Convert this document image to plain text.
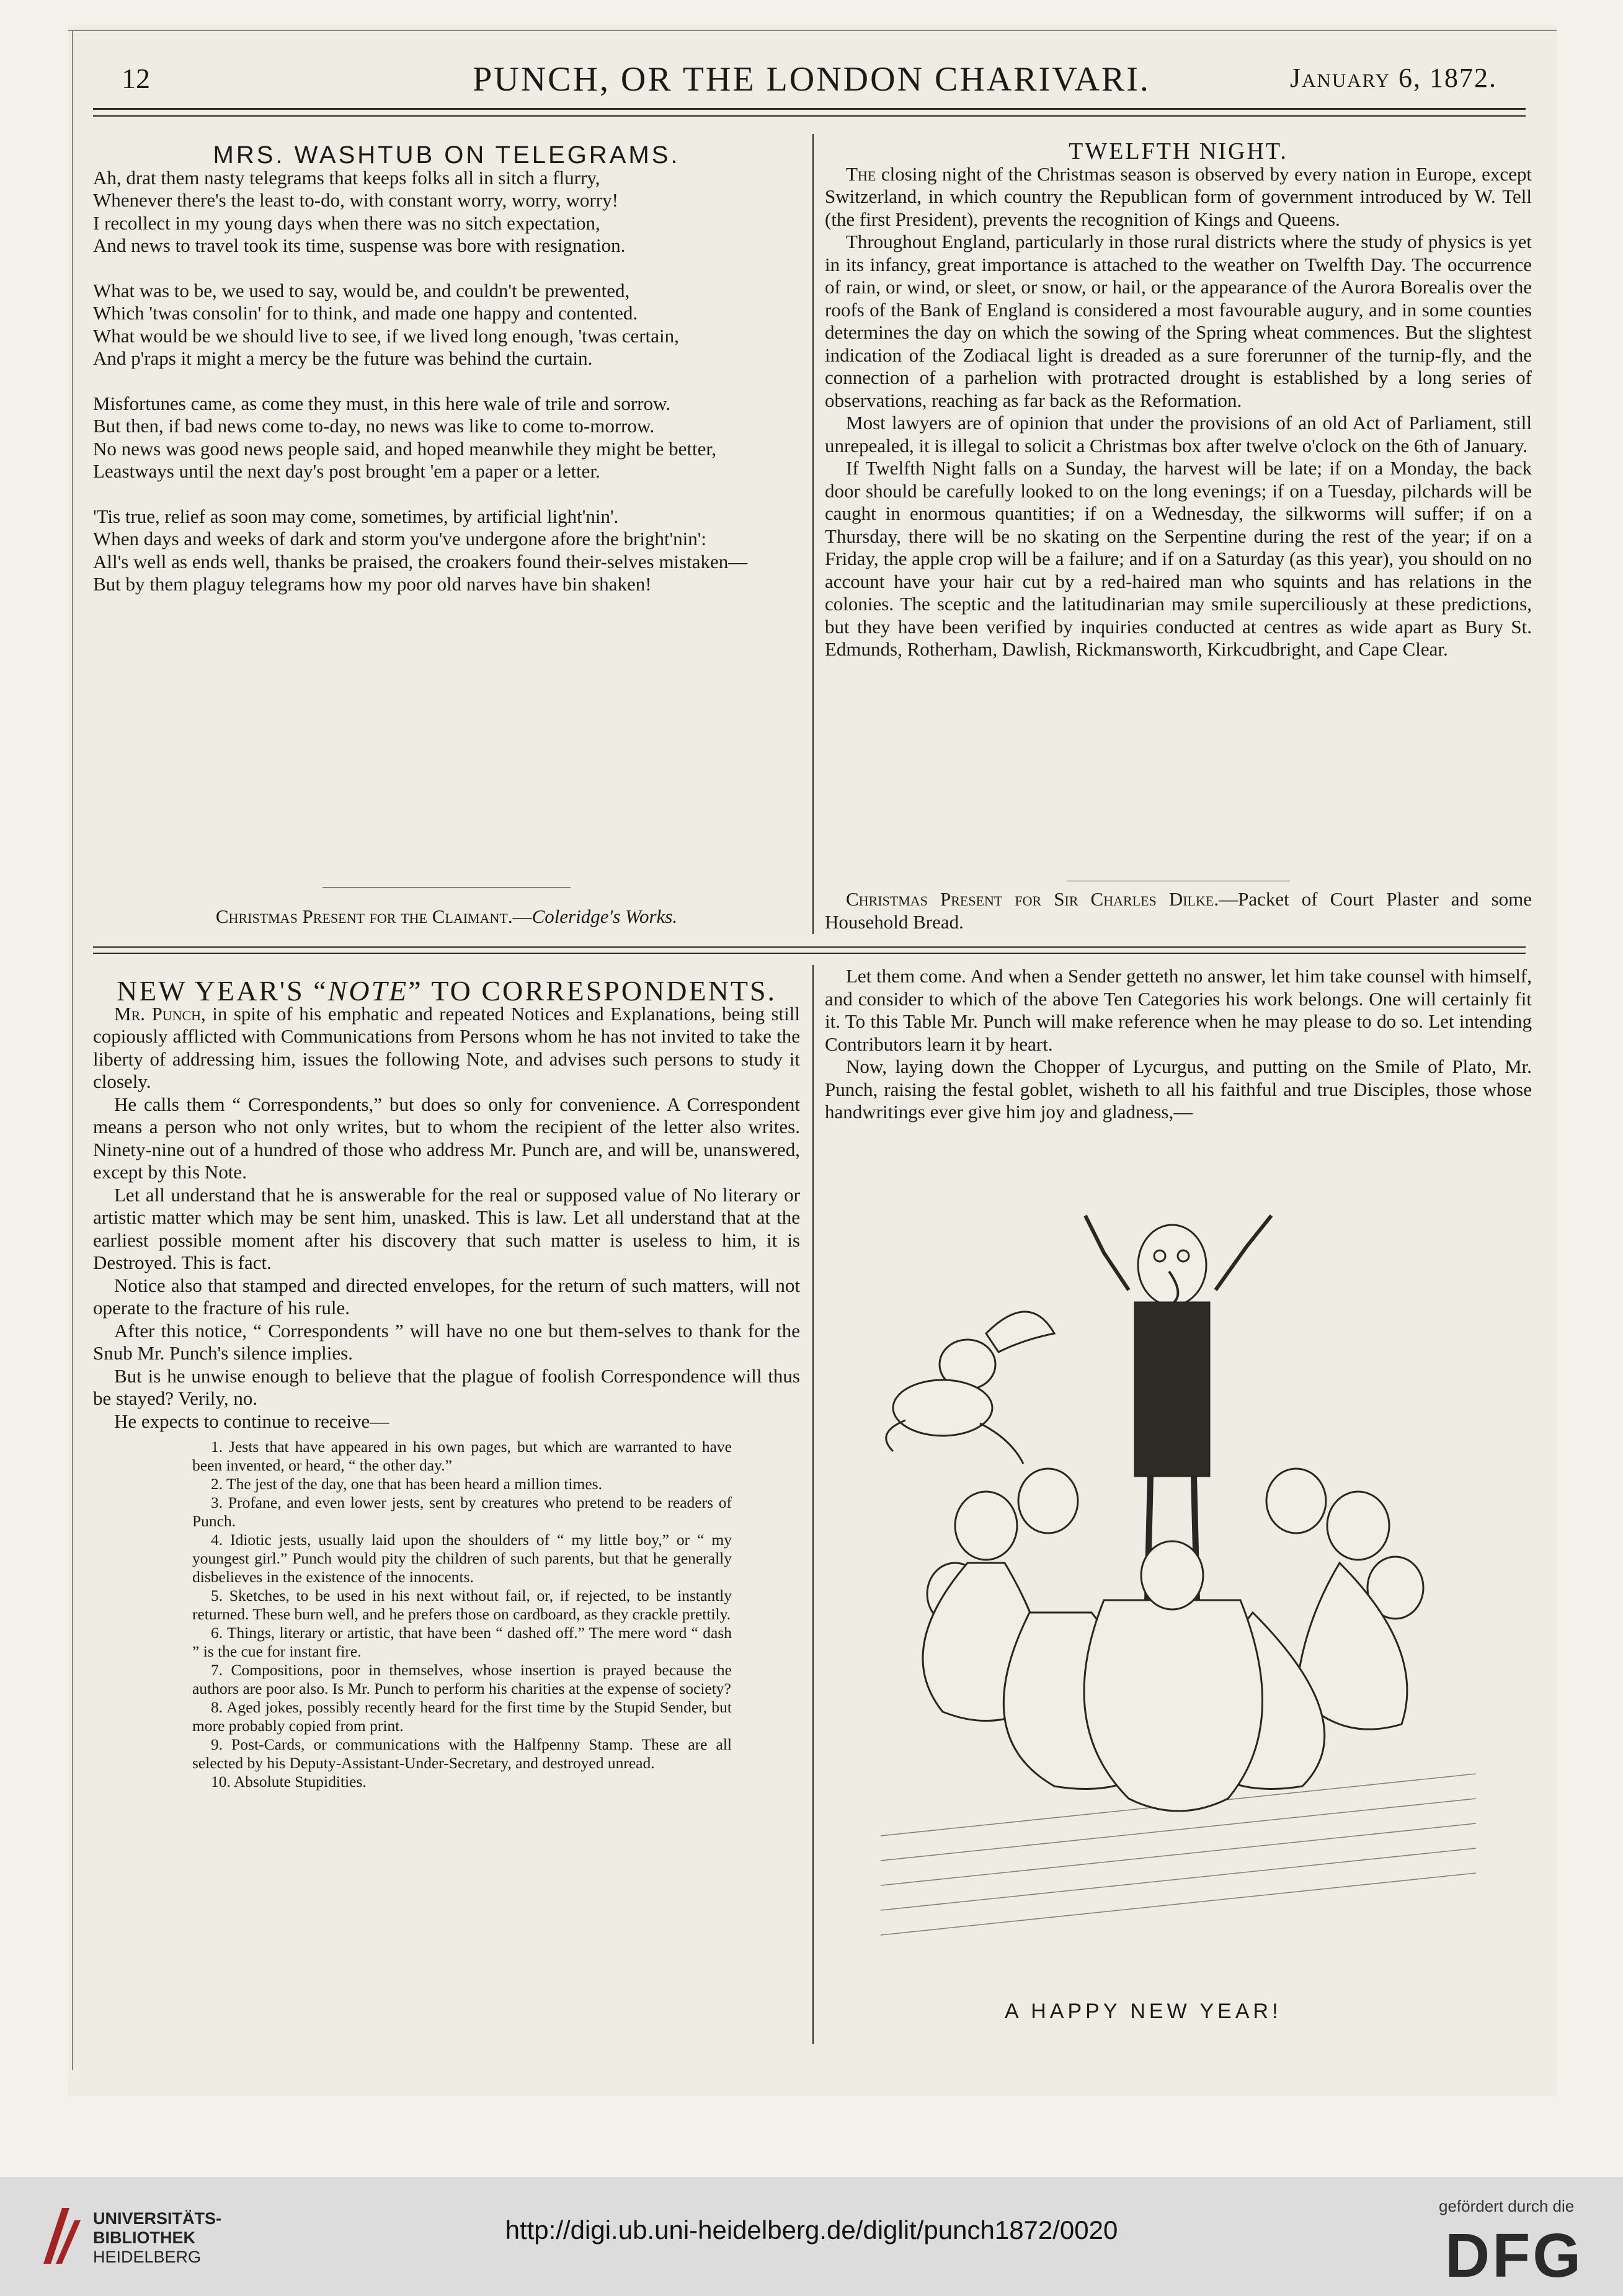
12	PUNCH, OR THE LONDON CHARIVARI.	January 6, 1872.

MRS. WASHTUB ON TELEGRAMS.

Ah, drat them nasty telegrams that keeps folks all in sitch a flurry,

Whenever there's the least to-do, with constant worry, worry, worry!

I recollect in my young days when there was no sitch expectation,

And news to travel took its time, suspense was bore with resignation.

What was to be, we used to say, would be, and couldn't be prewented,

Which 'twas consolin' for to think, and made one happy and contented.

What would be we should live to see, if we lived long enough, 'twas certain,

And p'raps it might a mercy be the future was behind the curtain.

Misfortunes came, as come they must, in this here wale of trile and sorrow.

But then, if bad news come to-day, no news was like to come to-morrow.

No news was good news people said, and hoped meanwhile they might be better,

Leastways until the next day's post brought 'em a paper or a letter.

'Tis true, relief as soon may come, sometimes, by artificial light'nin'.

When days and weeks of dark and storm you've undergone afore the bright'nin':

All's well as ends well, thanks be praised, the croakers found their-selves mistaken—

But by them plaguy telegrams how my poor old narves have bin shaken!

Christmas Present for the Claimant.—Coleridge's Works.

TWELFTH NIGHT.

The closing night of the Christmas season is observed by every nation in Europe, except Switzerland, in which country the Republican form of government introduced by W. Tell (the first President), prevents the recognition of Kings and Queens.

Throughout England, particularly in those rural districts where the study of physics is yet in its infancy, great importance is attached to the weather on Twelfth Day. The occurrence of rain, or wind, or sleet, or snow, or hail, or the appearance of the Aurora Borealis over the roofs of the Bank of England is considered a most favourable augury, and in some counties determines the day on which the sowing of the Spring wheat commences. But the slightest indication of the Zodiacal light is dreaded as a sure forerunner of the turnip-fly, and the connection of a parhelion with protracted drought is established by a long series of observations, reaching as far back as the Reformation.

Most lawyers are of opinion that under the provisions of an old Act of Parliament, still unrepealed, it is illegal to solicit a Christmas box after twelve o'clock on the 6th of January.

If Twelfth Night falls on a Sunday, the harvest will be late; if on a Monday, the back door should be carefully looked to on the long evenings; if on a Tuesday, pilchards will be caught in enormous quantities; if on a Wednesday, the silkworms will suffer; if on a Thursday, there will be no skating on the Serpentine during the rest of the year; if on a Friday, the apple crop will be a failure; and if on a Saturday (as this year), you should on no account have your hair cut by a red-haired man who squints and has relations in the colonies. The sceptic and the latitudinarian may smile superciliously at these predictions, but they have been verified by inquiries conducted at centres as wide apart as Bury St. Edmunds, Rotherham, Dawlish, Rickmansworth, Kirkcudbright, and Cape Clear.

Christmas Present for Sir Charles Dilke.—Packet of Court Plaster and some Household Bread.

NEW YEAR'S “NOTE” TO CORRESPONDENTS.

Mr. Punch, in spite of his emphatic and repeated Notices and Explanations, being still copiously afflicted with Communications from Persons whom he has not invited to take the liberty of addressing him, issues the following Note, and advises such persons to study it closely.

He calls them “ Correspondents,” but does so only for convenience. A Correspondent means a person who not only writes, but to whom the recipient of the letter also writes. Ninety-nine out of a hundred of those who address Mr. Punch are, and will be, unanswered, except by this Note.

Let all understand that he is answerable for the real or supposed value of No literary or artistic matter which may be sent him, unasked. This is law. Let all understand that at the earliest possible moment after his discovery that such matter is useless to him, it is Destroyed. This is fact.

Notice also that stamped and directed envelopes, for the return of such matters, will not operate to the fracture of his rule.

After this notice, “ Correspondents ” will have no one but them-selves to thank for the Snub Mr. Punch's silence implies.

But is he unwise enough to believe that the plague of foolish Correspondence will thus be stayed? Verily, no.

He expects to continue to receive—

1. Jests that have appeared in his own pages, but which are warranted to have been invented, or heard, “ the other day.”

2. The jest of the day, one that has been heard a million times.

3. Profane, and even lower jests, sent by creatures who pretend to be readers of Punch.

4. Idiotic jests, usually laid upon the shoulders of “ my little boy,” or “ my youngest girl.” Punch would pity the children of such parents, but that he generally disbelieves in the existence of the innocents.

5. Sketches, to be used in his next without fail, or, if rejected, to be instantly returned. These burn well, and he prefers those on cardboard, as they crackle prettily.

6. Things, literary or artistic, that have been “ dashed off.” The mere word “ dash ” is the cue for instant fire.

7. Compositions, poor in themselves, whose insertion is prayed because the authors are poor also. Is Mr. Punch to perform his charities at the expense of society?

8. Aged jokes, possibly recently heard for the first time by the Stupid Sender, but more probably copied from print.

9. Post-Cards, or communications with the Halfpenny Stamp. These are all selected by his Deputy-Assistant-Under-Secretary, and destroyed unread.

10. Absolute Stupidities.

Let them come. And when a Sender getteth no answer, let him take counsel with himself, and consider to which of the above Ten Categories his work belongs. One will certainly fit it. To this Table Mr. Punch will make reference when he may please to do so. Let intending Contributors learn it by heart.

Now, laying down the Chopper of Lycurgus, and putting on the Smile of Plato, Mr. Punch, raising the festal goblet, wisheth to all his faithful and true Disciples, those whose handwritings ever give him joy and gladness,—

A HAPPY NEW YEAR!
UNIVERSITÄTS-
BIBLIOTHEK
HEIDELBERG
http://digi.ub.uni-heidelberg.de/diglit/punch1872/0020
gefördert durch die
DFG
